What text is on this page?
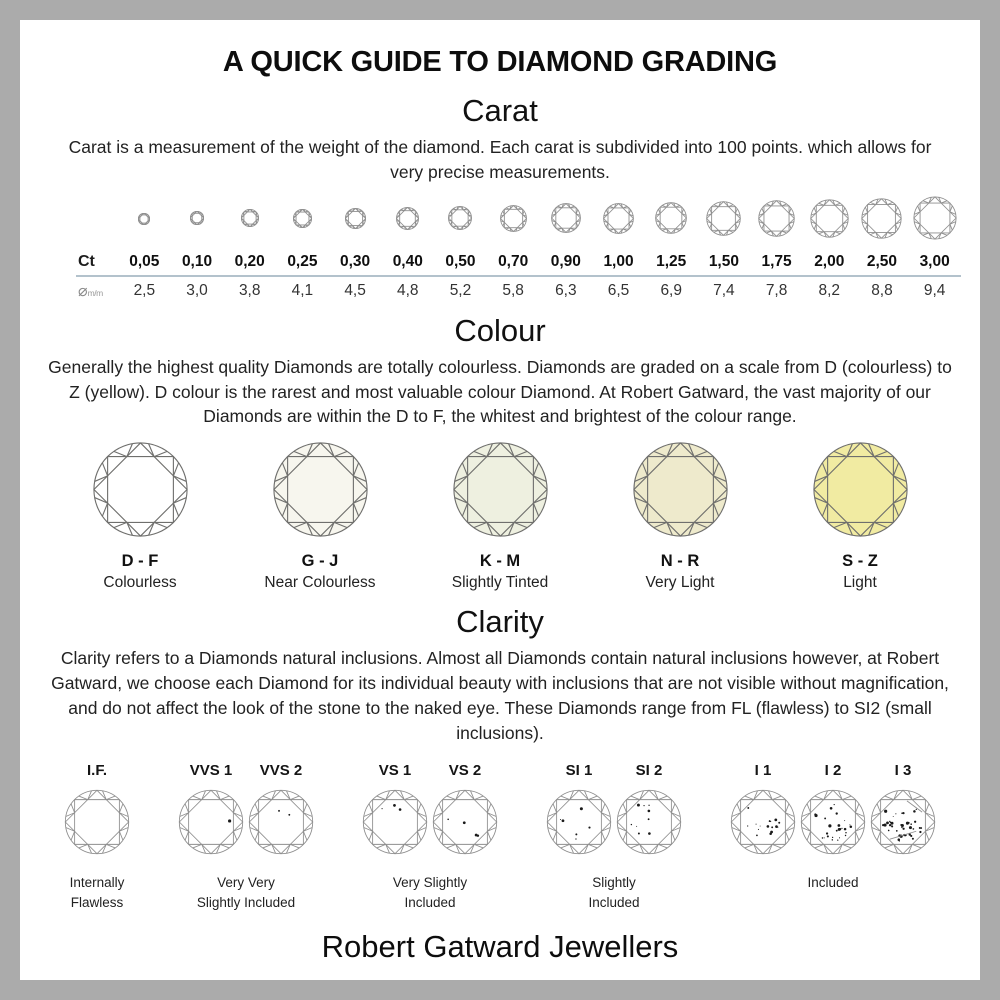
A QUICK GUIDE TO DIAMOND GRADING
Carat
Carat is a measurement of the weight of the diamond. Each carat is subdivided into 100 points. which allows for very precise measurements.

Ct	0,05	0,10	0,20	0,25	0,30	0,40	0,50	0,70	0,90	1,00	1,25	1,50	1,75	2,00	2,50	3,00
⌀m/m	2,5	3,0	3,8	4,1	4,5	4,8	5,2	5,8	6,3	6,5	6,9	7,4	7,8	8,2	8,8	9,4
Colour
Generally the highest quality Diamonds are totally colourless. Diamonds are graded on a scale from D (colourless) to Z (yellow). D colour is the rarest and most valuable colour Diamond. At Robert Gatward, the vast majority of our Diamonds are within the D to F, the whitest and brightest of the colour range.
D - F
Colourless
G - J
Near Colourless
K - M
Slightly Tinted
N - R
Very Light
S - Z
Light
Clarity
Clarity refers to a Diamonds natural inclusions. Almost all Diamonds contain natural inclusions however, at Robert Gatward, we choose each Diamond for its individual beauty with inclusions that are not visible without magnification, and do not affect the look of the stone to the naked eye. These Diamonds range from FL (flawless) to SI2 (small inclusions).
I.F.
Internally
Flawless
VVS 1 VVS 2
Very Very
Slightly Included
VS 1 VS 2
Very Slightly
Included
SI 1	SI 2
Slightly
Included
I 1	I 2	I 3
Included
Robert Gatward Jewellers
